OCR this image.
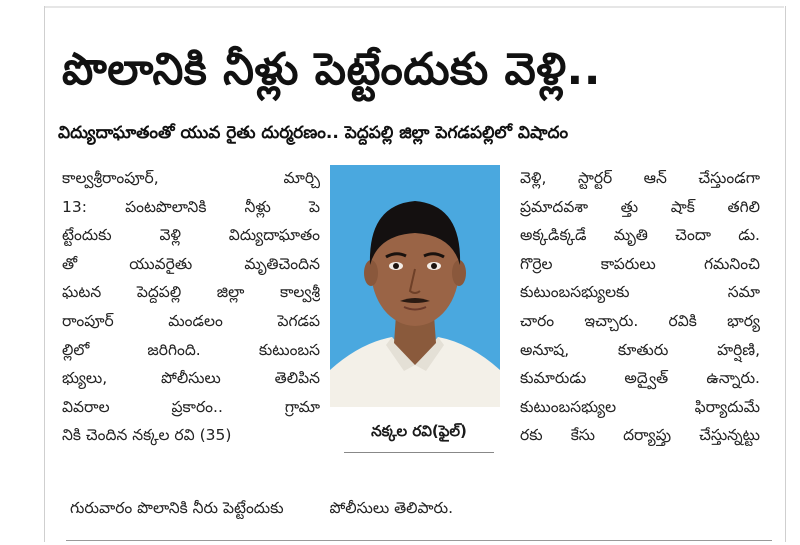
పొలానికి నీళ్లు పెట్టేందుకు వెళ్లి..
విద్యుదాఘాతంతో యువ రైతు దుర్మరణం.. పెద్దపల్లి జిల్లా పెగడపల్లిలో విషాదం
కాల్వశ్రీరాంపూర్, మార్చి
13: పంటపొలానికి నీళ్లు పె
ట్టేందుకు వెళ్లి విద్యుదాఘాతం
తో యువరైతు మృతిచెందిన
ఘటన పెద్దపల్లి జిల్లా కాల్వశ్రీ
రాంపూర్ మండలం పెగడప
ల్లిలో జరిగింది. కుటుంబస
భ్యులు, పోలీసులు తెలిపిన
వివరాల ప్రకారం.. గ్రామా
నికి చెందిన నక్కల రవి (35)	నక్కల రవి(ఫైల్)
వెళ్లి, స్టార్టర్ ఆన్ చేస్తుండగా
ప్రమాదవశా త్తు షాక్ తగిలి
అక్కడిక్కడే మృతి చెందా డు.
గొర్రెల కాపరులు గమనించి
కుటుంబసభ్యులకు సమా
చారం ఇచ్చారు. రవికి భార్య
అనూష, కూతురు హర్షిణి,
కుమారుడు అద్వైత్ ఉన్నారు.
కుటుంబసభ్యుల ఫిర్యాదుమే
రకు కేసు దర్యాప్తు చేస్తున్నట్టు
గురువారం పొలానికి నీరు పెట్టేందుకు	పోలీసులు తెలిపారు.
